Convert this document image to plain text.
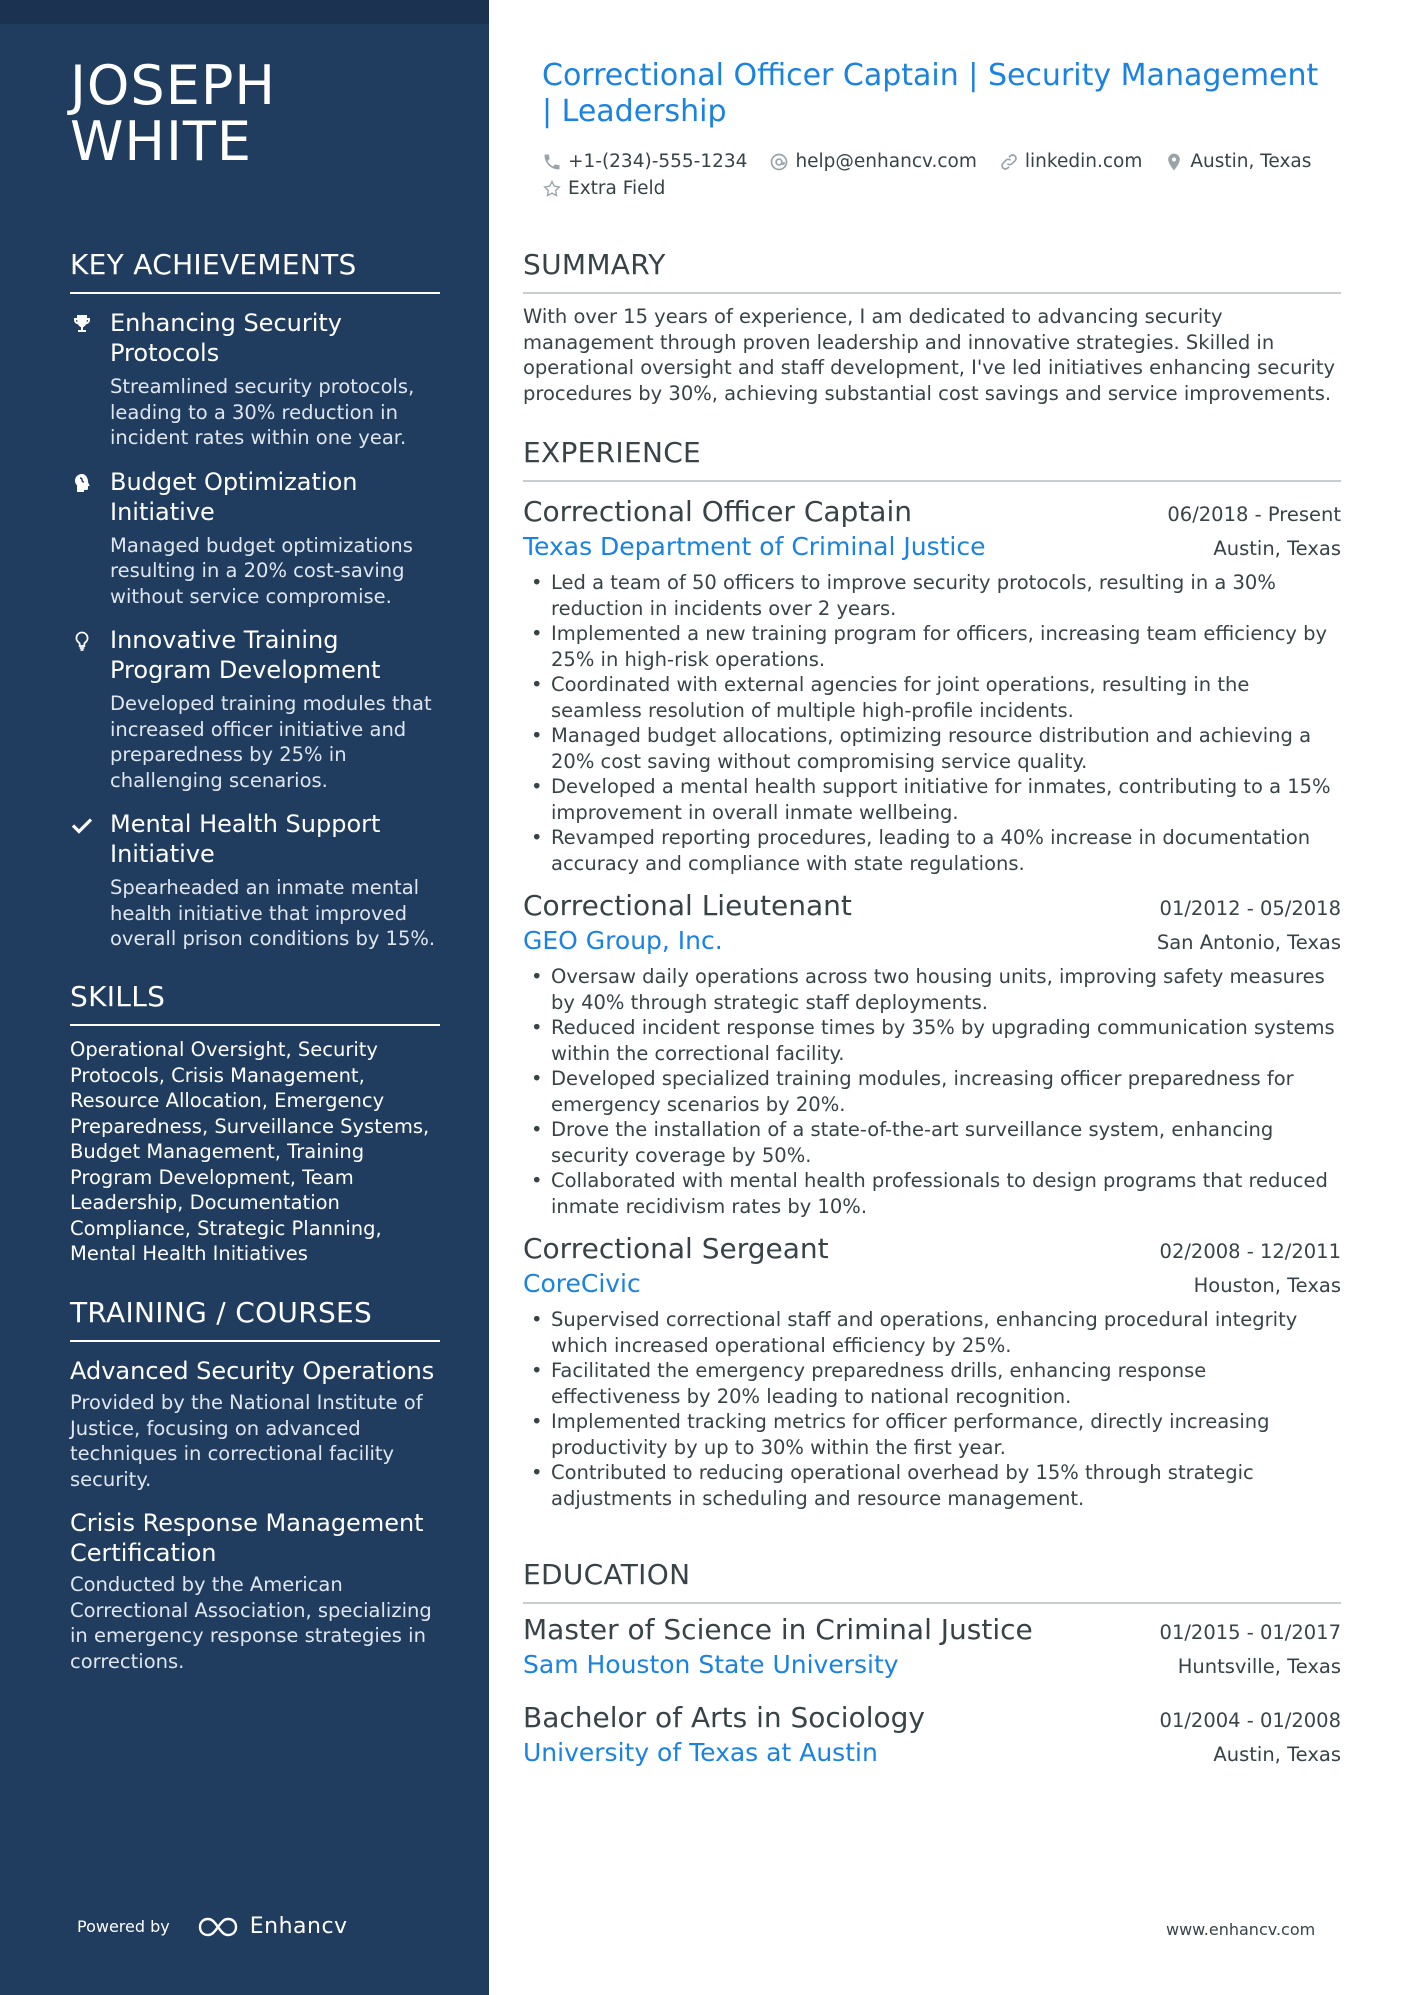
JOSEPH
WHITE
KEY ACHIEVEMENTS
Enhancing Security Protocols
Streamlined security protocols, leading to a 30% reduction in incident rates within one year.
Budget Optimization Initiative
Managed budget optimizations resulting in a 20% cost-saving without service compromise.
Innovative Training Program Development
Developed training modules that increased officer initiative and preparedness by 25% in challenging scenarios.
Mental Health Support Initiative
Spearheaded an inmate mental health initiative that improved overall prison conditions by 15%.
SKILLS
Operational Oversight, Security Protocols, Crisis Management, Resource Allocation, Emergency Preparedness, Surveillance Systems, Budget Management, Training Program Development, Team Leadership, Documentation Compliance, Strategic Planning, Mental Health Initiatives
TRAINING / COURSES
Advanced Security Operations
Provided by the National Institute of Justice, focusing on advanced techniques in correctional facility security.
Crisis Response Management Certification
Conducted by the American Correctional Association, specializing in emergency response strategies in corrections.
Powered by	Enhancv
Correctional Officer Captain | Security Management | Leadership
+1-(234)-555-1234	help@enhancv.com	linkedin.com	Austin, Texas
Extra Field
SUMMARY
With over 15 years of experience, I am dedicated to advancing security management through proven leadership and innovative strategies. Skilled in operational oversight and staff development, I've led initiatives enhancing security procedures by 30%, achieving substantial cost savings and service improvements.
EXPERIENCE
Correctional Officer Captain	06/2018 - Present
Texas Department of Criminal Justice	Austin, Texas
• Led a team of 50 officers to improve security protocols, resulting in a 30% reduction in incidents over 2 years.
• Implemented a new training program for officers, increasing team efficiency by 25% in high-risk operations.
• Coordinated with external agencies for joint operations, resulting in the seamless resolution of multiple high-profile incidents.
• Managed budget allocations, optimizing resource distribution and achieving a 20% cost saving without compromising service quality.
• Developed a mental health support initiative for inmates, contributing to a 15% improvement in overall inmate wellbeing.
• Revamped reporting procedures, leading to a 40% increase in documentation accuracy and compliance with state regulations.
Correctional Lieutenant	01/2012 - 05/2018
GEO Group, Inc.	San Antonio, Texas
• Oversaw daily operations across two housing units, improving safety measures by 40% through strategic staff deployments.
• Reduced incident response times by 35% by upgrading communication systems within the correctional facility.
• Developed specialized training modules, increasing officer preparedness for emergency scenarios by 20%.
• Drove the installation of a state-of-the-art surveillance system, enhancing security coverage by 50%.
• Collaborated with mental health professionals to design programs that reduced inmate recidivism rates by 10%.
Correctional Sergeant	02/2008 - 12/2011
CoreCivic	Houston, Texas
• Supervised correctional staff and operations, enhancing procedural integrity which increased operational efficiency by 25%.
• Facilitated the emergency preparedness drills, enhancing response effectiveness by 20% leading to national recognition.
• Implemented tracking metrics for officer performance, directly increasing productivity by up to 30% within the first year.
• Contributed to reducing operational overhead by 15% through strategic adjustments in scheduling and resource management.
EDUCATION
Master of Science in Criminal Justice	01/2015 - 01/2017
Sam Houston State University	Huntsville, Texas
Bachelor of Arts in Sociology	01/2004 - 01/2008
University of Texas at Austin	Austin, Texas
www.enhancv.com
